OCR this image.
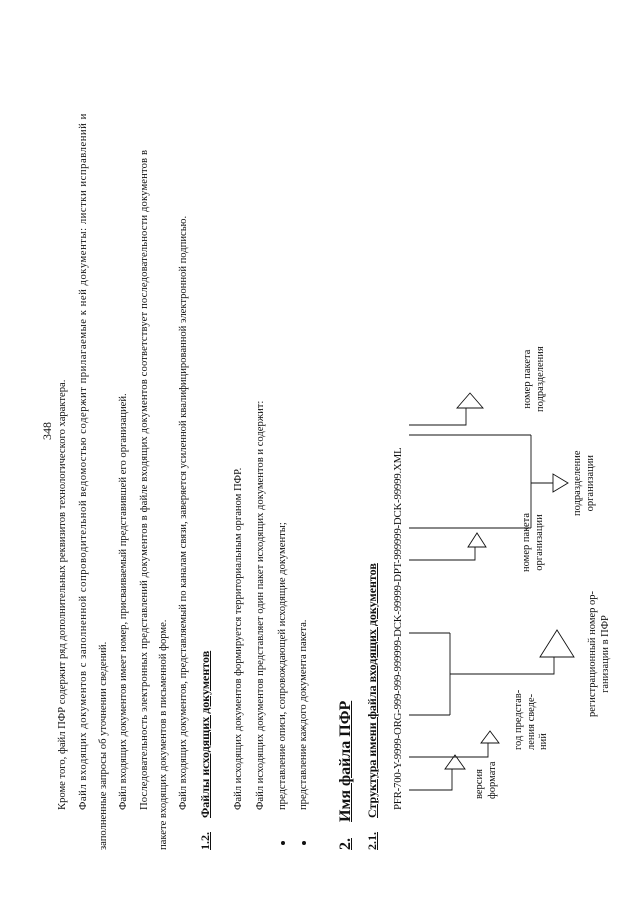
348 Кроме того, файл ПФР содержит ряд дополнительных реквизитов технологического характера. Файл входящих документов с заполненной сопроводительной ведомостью содержит прилагаемые к ней документы: листки исправлений и заполненные запросы об уточнении сведений. Файл входящих документов имеет номер, присваиваемый представившей его организацией. Последовательность электронных представлений документов в файле входящих документов соответствует последовательности документов в пакете входящих документов в письменной форме. Файл входящих документов, представляемый по каналам связи, заверяется усиленной квалифицированной электронной подписью.
1.2.  Файлы исходящих документов Файл исходящих документов формируется территориальным органом ПФР. Файл исходящих документов представляет один пакет исходящих документов и содержит: представление описи, сопровождающей исходящие документы; представление каждого документа пакета.
2.  Имя файла ПФР
2.1.  Структура имени файла входящих документов PFR-700-Y-9999-ORG-999-999-999999-DCK-99999-DPT-999999-DCK-99999.XML	версия формата
год представ- ления сведе- ний
регистрационный номер ор- ганизации в ПФР
номер пакета организации
подразделение организации
номер пакета подразделения
